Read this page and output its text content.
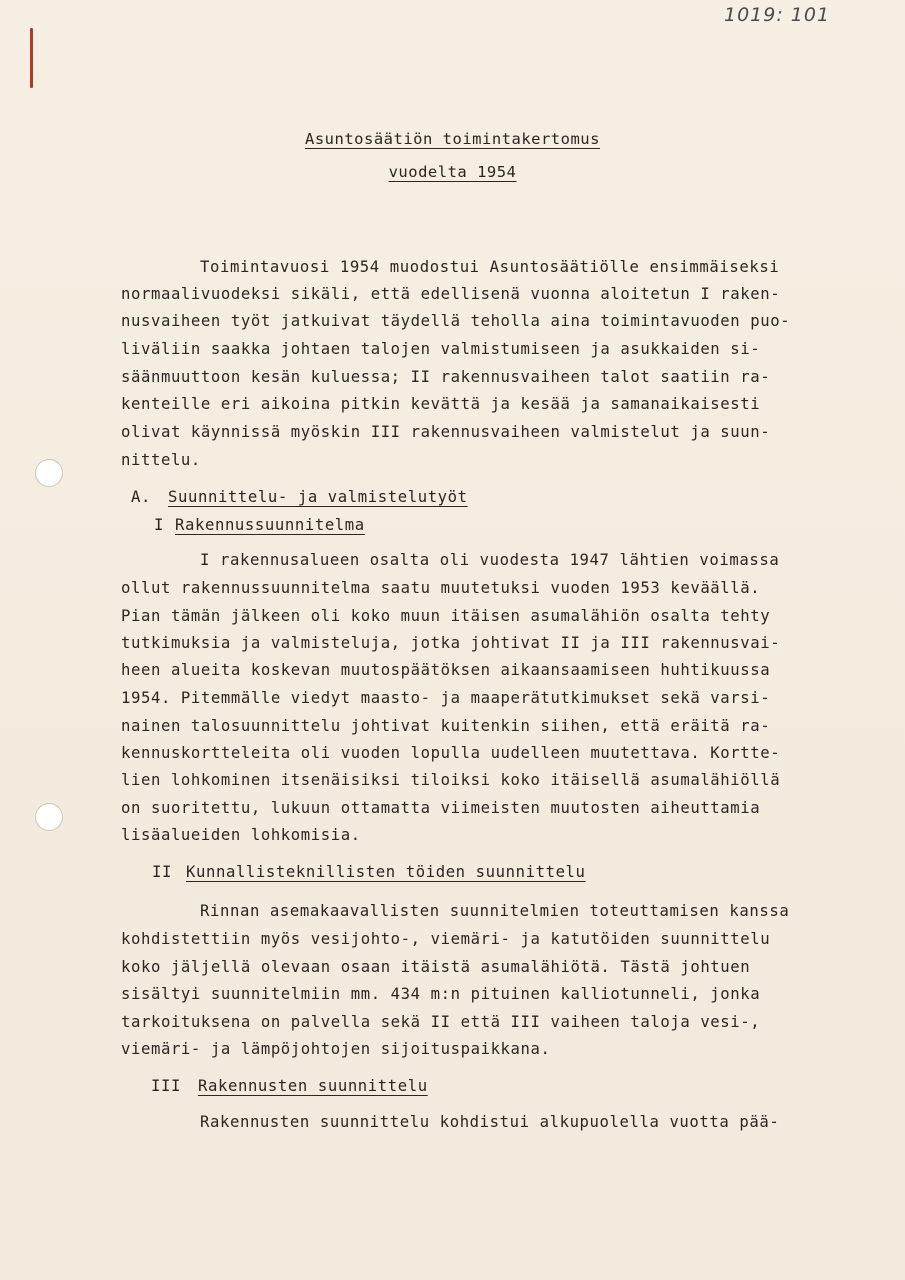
1019: 101
Asuntosäätiön toimintakertomus
vuodelta 1954
Toimintavuosi 1954 muodostui Asuntosäätiölle ensimmäiseksi
normaalivuodeksi sikäli, että edellisenä vuonna aloitetun I raken-
nusvaiheen työt jatkuivat täydellä teholla aina toimintavuoden puo-
liväliin saakka johtaen talojen valmistumiseen ja asukkaiden si-
säänmuuttoon kesän kuluessa; II rakennusvaiheen talot saatiin ra-
kenteille eri aikoina pitkin kevättä ja kesää ja samanaikaisesti
olivat käynnissä myöskin III rakennusvaiheen valmistelut ja suun-
nittelu.
A. Suunnittelu- ja valmistelutyöt
I Rakennussuunnitelma
I rakennusalueen osalta oli vuodesta 1947 lähtien voimassa
ollut rakennussuunnitelma saatu muutetuksi vuoden 1953 keväällä.
Pian tämän jälkeen oli koko muun itäisen asumalähiön osalta tehty
tutkimuksia ja valmisteluja, jotka johtivat II ja III rakennusvai-
heen alueita koskevan muutospäätöksen aikaansaamiseen huhtikuussa
1954. Pitemmälle viedyt maasto- ja maaperätutkimukset sekä varsi-
nainen talosuunnittelu johtivat kuitenkin siihen, että eräitä ra-
kennuskortteleita oli vuoden lopulla uudelleen muutettava. Kortte-
lien lohkominen itsenäisiksi tiloiksi koko itäisellä asumalähiöllä
on suoritettu, lukuun ottamatta viimeisten muutosten aiheuttamia
lisäalueiden lohkomisia.
II Kunnallisteknillisten töiden suunnittelu
Rinnan asemakaavallisten suunnitelmien toteuttamisen kanssa
kohdistettiin myös vesijohto-, viemäri- ja katutöiden suunnittelu
koko jäljellä olevaan osaan itäistä asumalähiötä. Tästä johtuen
sisältyi suunnitelmiin mm. 434 m:n pituinen kalliotunneli, jonka
tarkoituksena on palvella sekä II että III vaiheen taloja vesi-,
viemäri- ja lämpöjohtojen sijoituspaikkana.
III Rakennusten suunnittelu
Rakennusten suunnittelu kohdistui alkupuolella vuotta pää-
